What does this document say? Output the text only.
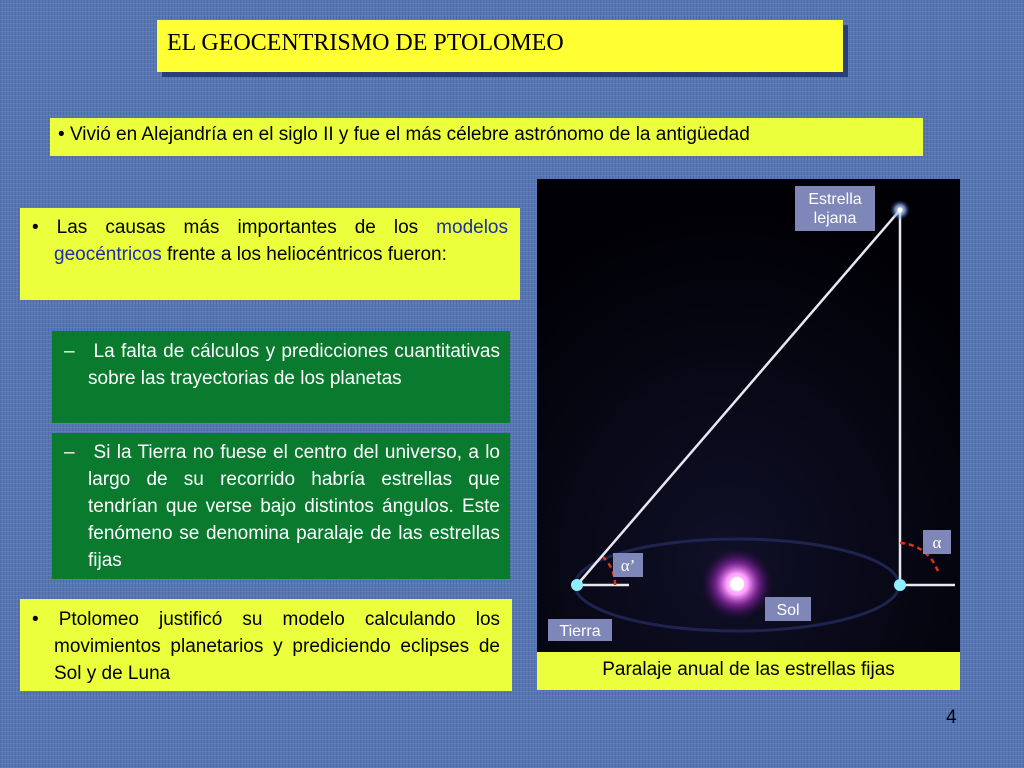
EL GEOCENTRISMO DE PTOLOMEO
• Vivió en Alejandría en el siglo II y fue el más célebre astrónomo de la antigüedad
• Las causas más importantes de los modelos geocéntricos frente a los heliocéntricos fueron:
– La falta de cálculos y predicciones cuantitativas sobre las trayectorias de los planetas
– Si la Tierra no fuese el centro del universo, a lo largo de su recorrido habría estrellas que tendrían que verse bajo distintos ángulos. Este fenómeno se denomina paralaje de las estrellas fijas
• Ptolomeo justificó su modelo calculando los movimientos planetarios y prediciendo eclipses de Sol y de Luna
Estrella
lejana
Sol
Tierra
α’
α
Paralaje anual de las estrellas fijas
4
